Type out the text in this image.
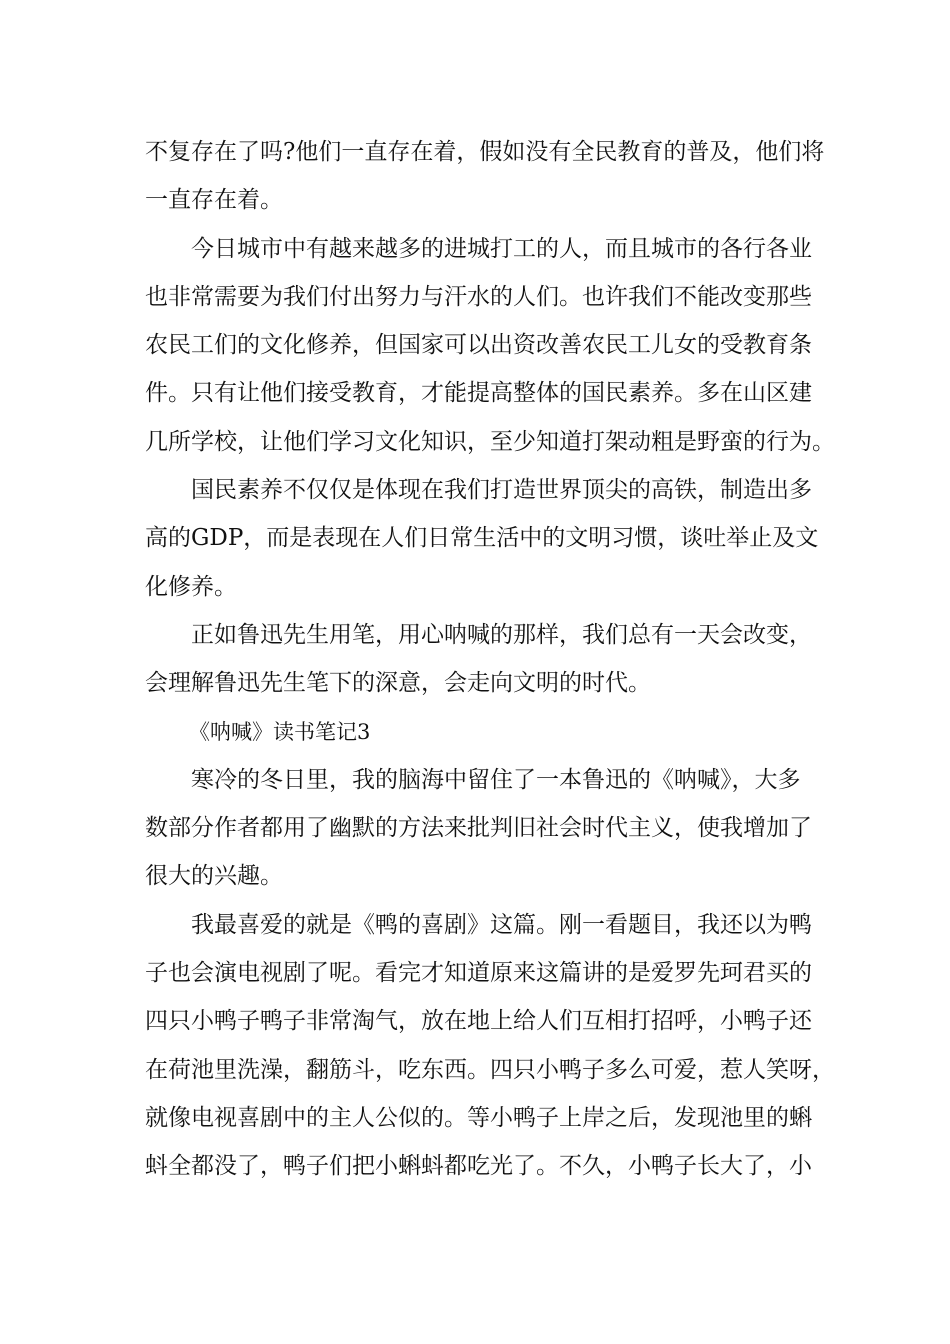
不复存在了吗?他们一直存在着，假如没有全民教育的普及，他们将
一直存在着。

今日城市中有越来越多的进城打工的人，而且城市的各行各业
也非常需要为我们付出努力与汗水的人们。也许我们不能改变那些
农民工们的文化修养，但国家可以出资改善农民工儿女的受教育条
件。只有让他们接受教育，才能提高整体的国民素养。多在山区建
几所学校，让他们学习文化知识，至少知道打架动粗是野蛮的行为。

国民素养不仅仅是体现在我们打造世界顶尖的高铁，制造出多
高的GDP，而是表现在人们日常生活中的文明习惯，谈吐举止及文
化修养。

正如鲁迅先生用笔，用心呐喊的那样，我们总有一天会改变，
会理解鲁迅先生笔下的深意，会走向文明的时代。

《呐喊》读书笔记3

寒冷的冬日里，我的脑海中留住了一本鲁迅的《呐喊》，大多
数部分作者都用了幽默的方法来批判旧社会时代主义，使我增加了
很大的兴趣。

我最喜爱的就是《鸭的喜剧》这篇。刚一看题目，我还以为鸭
子也会演电视剧了呢。看完才知道原来这篇讲的是爱罗先珂君买的
四只小鸭子鸭子非常淘气，放在地上给人们互相打招呼，小鸭子还
在荷池里洗澡，翻筋斗，吃东西。四只小鸭子多么可爱，惹人笑呀，
就像电视喜剧中的主人公似的。等小鸭子上岸之后，发现池里的蝌
蚪全都没了，鸭子们把小蝌蚪都吃光了。不久，小鸭子长大了，小
